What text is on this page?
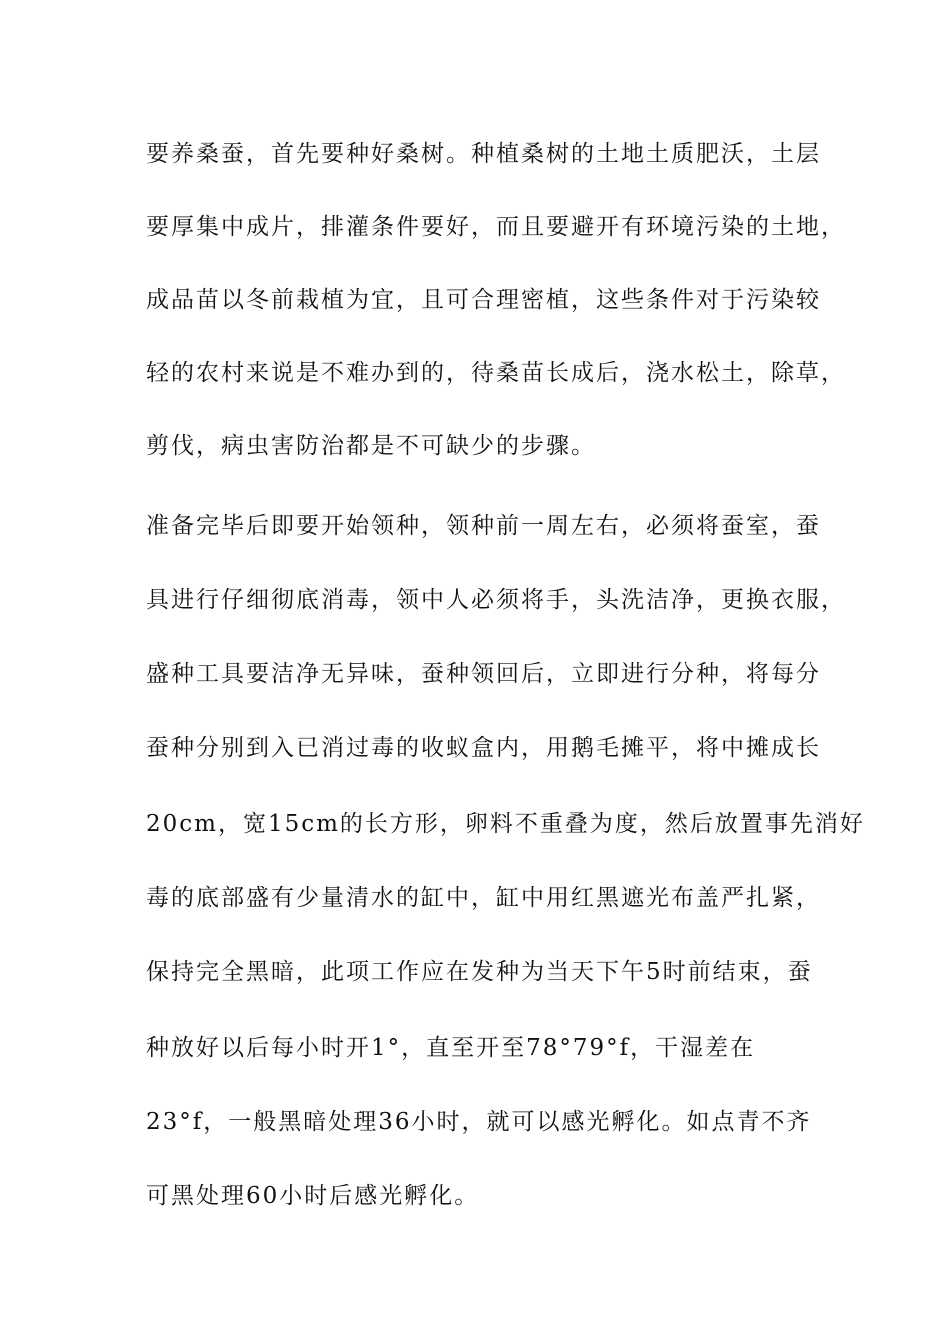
要养桑蚕，首先要种好桑树。种植桑树的土地土质肥沃，土层
要厚集中成片，排灌条件要好，而且要避开有环境污染的土地，
成品苗以冬前栽植为宜，且可合理密植，这些条件对于污染较
轻的农村来说是不难办到的，待桑苗长成后，浇水松土，除草，
剪伐，病虫害防治都是不可缺少的步骤。
准备完毕后即要开始领种，领种前一周左右，必须将蚕室，蚕
具进行仔细彻底消毒，领中人必须将手，头洗洁净，更换衣服，
盛种工具要洁净无异味，蚕种领回后，立即进行分种，将每分
蚕种分别到入已消过毒的收蚁盒内，用鹅毛摊平，将中摊成长
20cm，宽15cm的长方形，卵料不重叠为度，然后放置事先消好
毒的底部盛有少量清水的缸中，缸中用红黑遮光布盖严扎紧，
保持完全黑暗，此项工作应在发种为当天下午5时前结束，蚕
种放好以后每小时开1°，直至开至78°79°f，干湿差在
23°f，一般黑暗处理36小时，就可以感光孵化。如点青不齐
可黑处理60小时后感光孵化。
